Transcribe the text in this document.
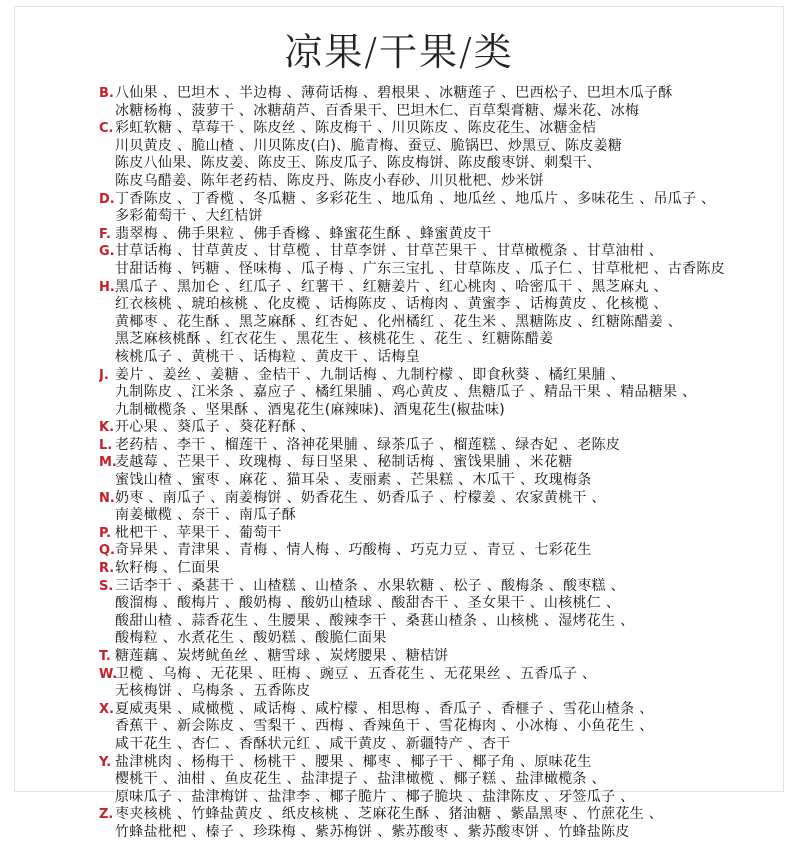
凉果/干果/类
B. 八仙果 、巴坦木 、半边梅 、薄荷话梅 、碧根果 、冰糖莲子 、巴西松子、巴坦木瓜子酥
冰糖杨梅 、菠萝干 、冰糖葫芦、百香果干、巴坦木仁、百草梨膏糖、爆米花、冰梅
C. 彩虹软糖 、草莓干 、陈皮丝 、陈皮梅干 、川贝陈皮 、陈皮花生、冰糖金桔
川贝黄皮 、脆山楂 、川贝陈皮(白)、脆青梅、蚕豆、脆锅巴、炒黑豆、陈皮姜糖
陈皮八仙果、陈皮姜、陈皮王、陈皮瓜子、陈皮梅饼、陈皮酸枣饼、刺梨干、
陈皮乌醋姜、陈年老药桔、陈皮丹、陈皮小春砂、川贝枇杷、炒米饼
D. 丁香陈皮 、丁香榄 、冬瓜糖 、多彩花生 、地瓜角 、地瓜丝 、地瓜片 、多味花生 、吊瓜子 、
多彩葡萄干 、大红桔饼
F. 翡翠梅 、佛手果粒 、佛手香橼 、蜂蜜花生酥 、蜂蜜黄皮干
G. 甘草话梅 、甘草黄皮 、甘草榄 、甘草李饼 、甘草芒果干 、甘草橄榄条 、甘草油柑 、
甘甜话梅 、钙糖 、怪味梅 、瓜子梅 、广东三宝扎 、甘草陈皮 、瓜子仁 、甘草枇杷 、古香陈皮
H. 黑瓜子 、黑加仑 、红瓜子 、红薯干 、红糖姜片 、红心桃肉 、哈密瓜干 、黑芝麻丸 、
红衣核桃 、琥珀核桃 、化皮榄 、话梅陈皮 、话梅肉 、黄蜜李 、话梅黄皮 、化核榄 、
黄椰枣 、花生酥 、黑芝麻酥 、红杏妃 、化州橘红 、花生米 、黑糖陈皮 、红糖陈醋姜 、
黑芝麻核桃酥 、红衣花生 、黑花生 、核桃花生 、花生 、红糖陈醋姜
核桃瓜子 、黄桃干 、话梅粒 、黄皮干 、话梅皇
J. 姜片 、姜丝 、姜糖 、金桔干 、九制话梅 、九制柠檬 、即食秋葵 、橘红果脯 、
九制陈皮 、江米条 、嘉应子 、橘红果脯 、鸡心黄皮 、焦糖瓜子 、精品干果 、精品糖果 、
九制橄榄条 、坚果酥 、酒鬼花生(麻辣味)、酒鬼花生(椒盐味)
K. 开心果 、葵瓜子 、葵花籽酥 、
L. 老药桔 、李干 、榴莲干 、洛神花果脯 、绿茶瓜子 、榴莲糕 、绿杏妃 、老陈皮
M.
麦越莓 、芒果干 、玫瑰梅 、每日坚果 、秘制话梅 、蜜饯果脯 、米花糖
蜜饯山楂 、蜜枣 、麻花 、猫耳朵 、麦丽素 、芒果糕 、木瓜干 、玫瑰梅条
N. 奶枣 、南瓜子 、南姜梅饼 、奶香花生 、奶香瓜子 、柠檬姜 、农家黄桃干 、
南姜橄榄 、奈干 、南瓜子酥
P. 枇杷干 、苹果干 、葡萄干
Q. 奇异果 、青津果 、青梅 、情人梅 、巧酸梅 、巧克力豆 、青豆 、七彩花生
R. 软籽梅 、仁面果
S. 三话李干 、桑葚干 、山楂糕 、山楂条 、水果软糖 、松子 、酸梅条 、酸枣糕 、
酸溜梅 、酸梅片 、酸奶梅 、酸奶山楂球 、酸甜杏干 、圣女果干 、山核桃仁 、
酸甜山楂 、蒜香花生 、生腰果 、酸辣李干 、桑葚山楂条 、山核桃 、湿烤花生 、
酸梅粒 、水煮花生 、酸奶糕 、酸脆仁面果
T. 糖莲藕 、炭烤鱿鱼丝 、糖雪球 、炭烤腰果 、糖桔饼
W.
卫榄 、乌梅 、无花果 、旺梅 、豌豆 、五香花生 、无花果丝 、五香瓜子 、
无核梅饼 、乌梅条 、五香陈皮
X. 夏威夷果 、咸橄榄 、咸话梅 、咸柠檬 、相思梅 、香瓜子 、香榧子 、雪花山楂条 、
香蕉干 、新会陈皮 、雪梨干 、西梅 、香辣鱼干 、雪花梅肉 、小冰梅 、小鱼花生 、
咸干花生 、杏仁 、香酥状元红 、咸干黄皮 、新疆特产 、杏干
Y. 盐津桃肉 、杨梅干 、杨桃干 、腰果 、椰枣 、椰子干 、椰子角 、原味花生
樱桃干 、油柑 、鱼皮花生 、盐津提子 、盐津橄榄 、椰子糕 、盐津橄榄条 、
原味瓜子 、盐津梅饼 、盐津李 、椰子脆片 、椰子脆块 、盐津陈皮 、牙签瓜子 、
Z. 枣夹核桃 、竹蜂盐黄皮 、纸皮核桃 、芝麻花生酥 、猪油糖 、紫晶黑枣 、竹蔗花生 、
竹蜂盐枇杷 、榛子 、珍珠梅 、紫苏梅饼 、紫苏酸枣 、紫苏酸枣饼 、竹蜂盐陈皮
